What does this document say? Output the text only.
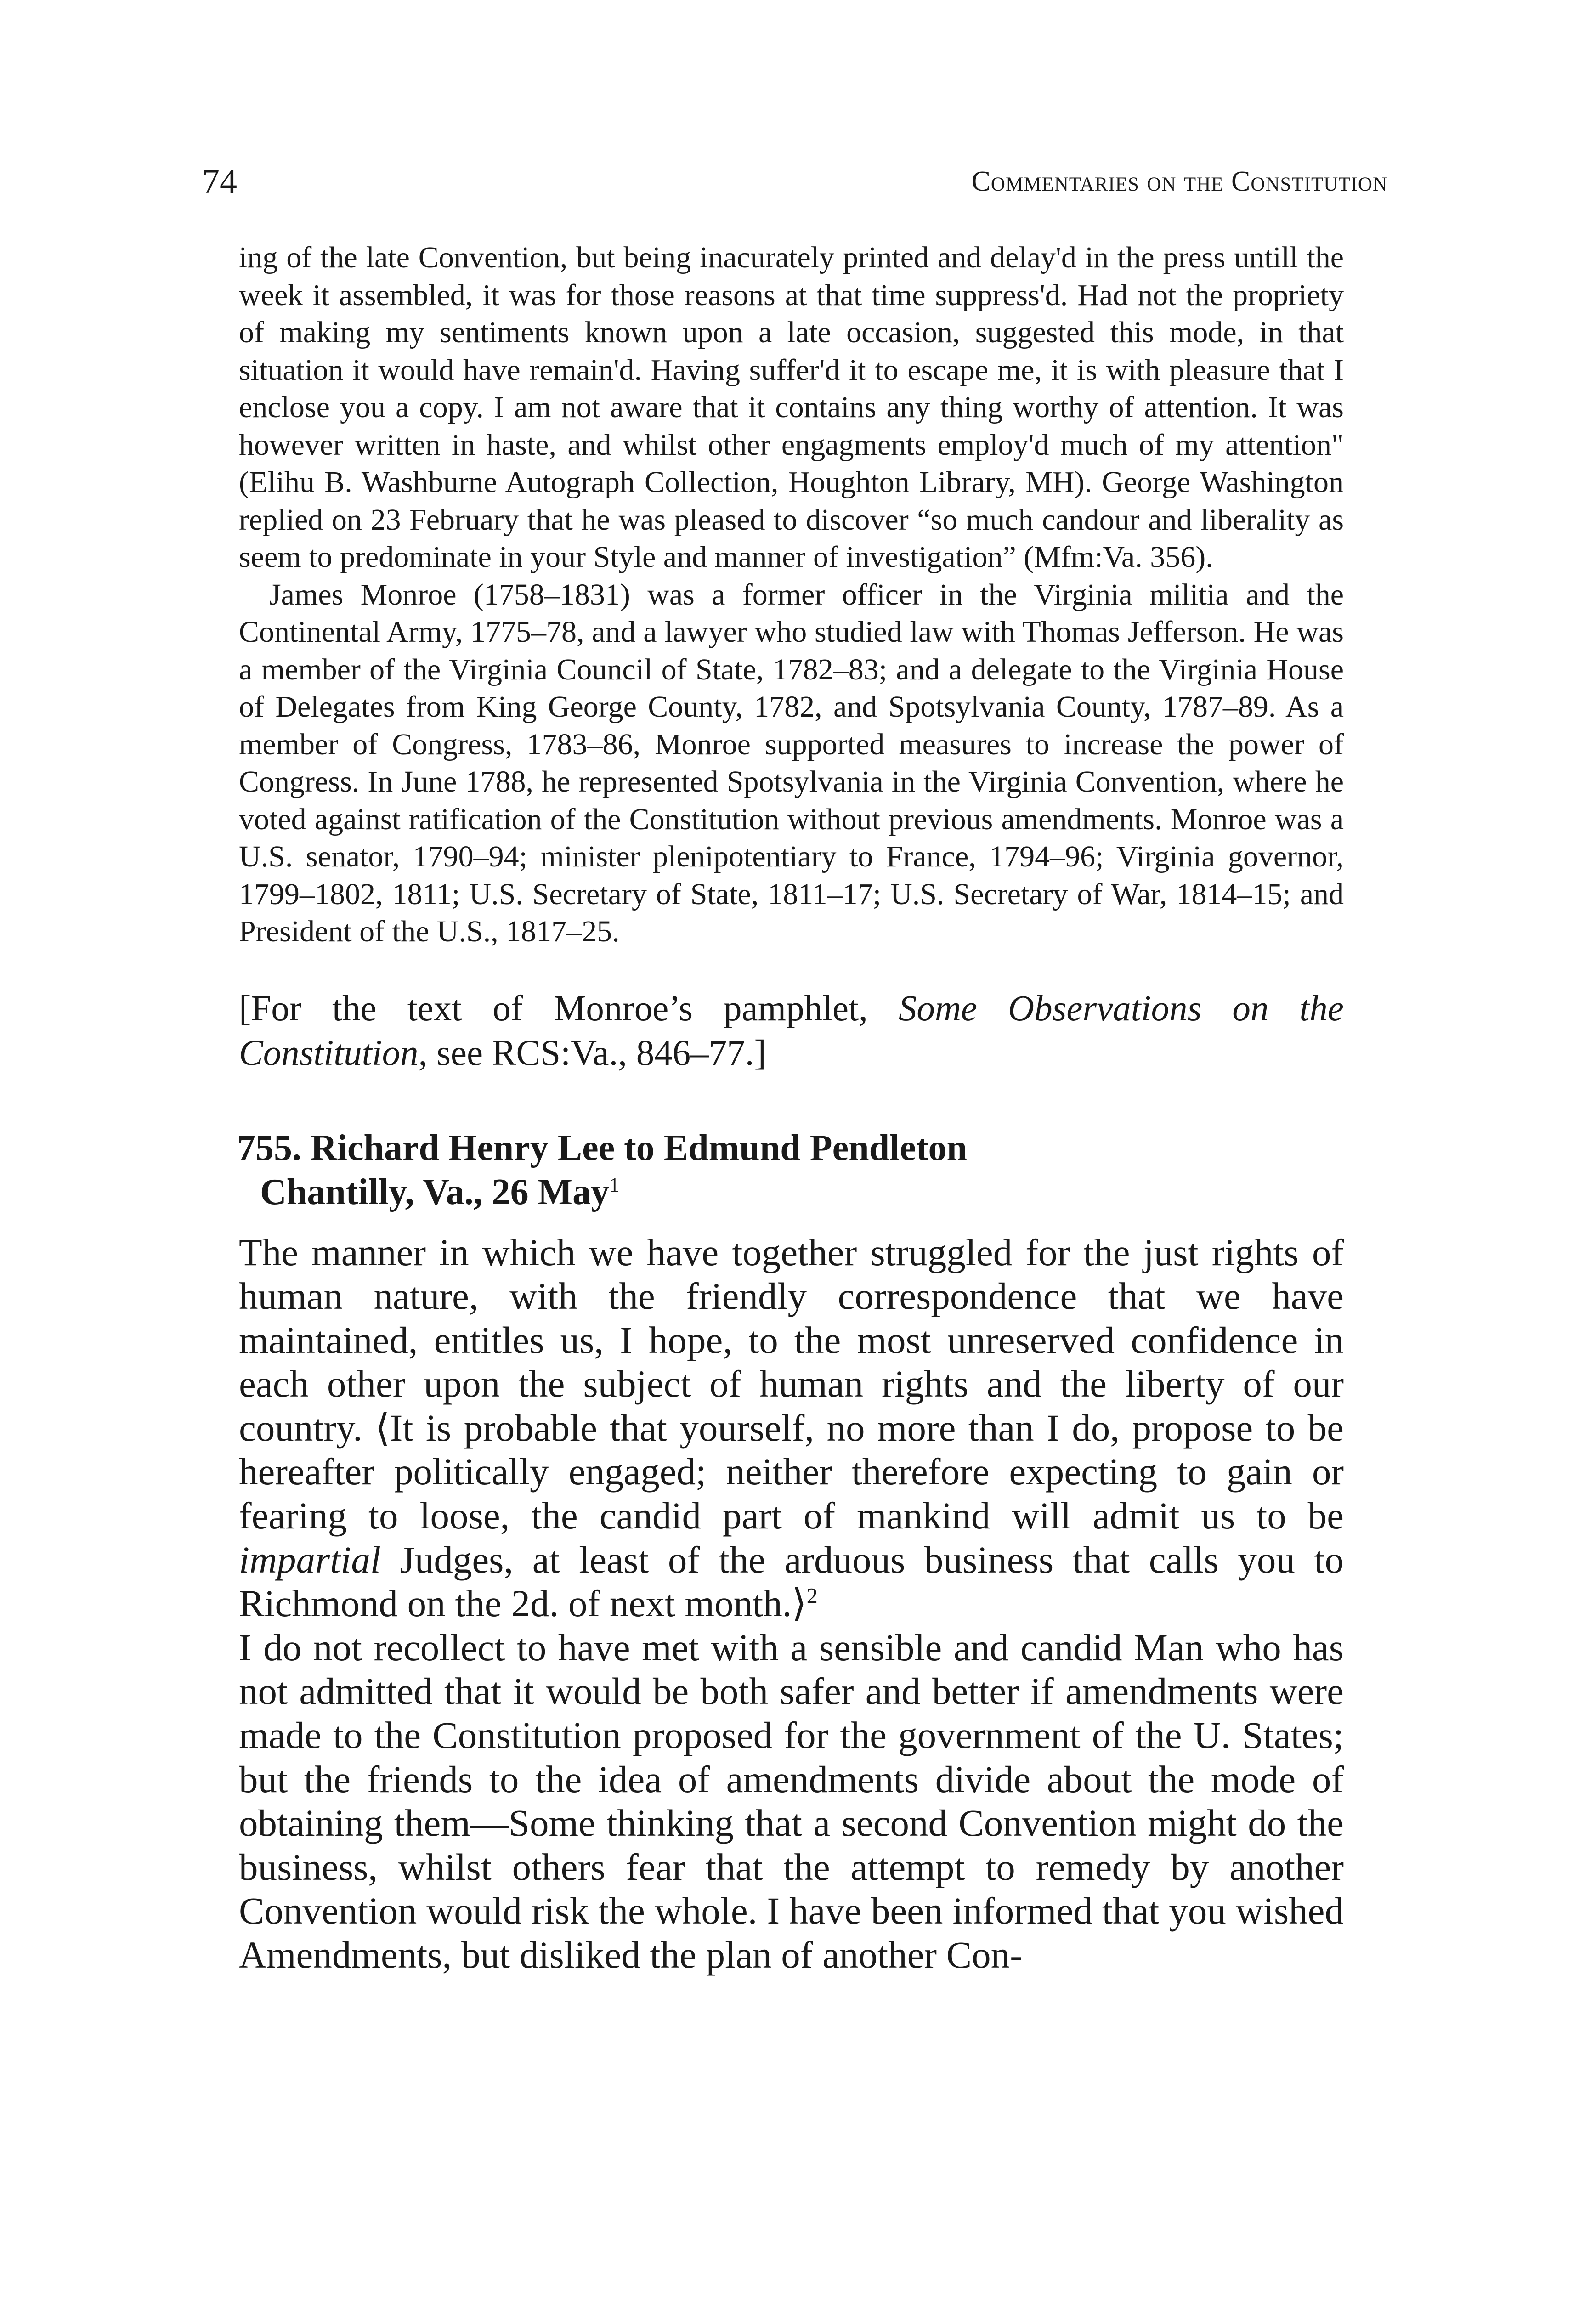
74	Commentaries on the Constitution

ing of the late Convention, but being inacurately printed and delay'd in the press untill the week it assembled, it was for those reasons at that time suppress'd. Had not the propriety of making my sentiments known upon a late occasion, suggested this mode, in that situation it would have remain'd. Having suffer'd it to escape me, it is with pleasure that I enclose you a copy. I am not aware that it contains any thing worthy of attention. It was however written in haste, and whilst other engagments employ'd much of my attention" (Elihu B. Washburne Autograph Collection, Houghton Library, MH). George Washington replied on 23 February that he was pleased to discover “so much candour and liberality as seem to predominate in your Style and manner of investigation” (Mfm:Va. 356).

James Monroe (1758–1831) was a former officer in the Virginia militia and the Continental Army, 1775–78, and a lawyer who studied law with Thomas Jefferson. He was a member of the Virginia Council of State, 1782–83; and a delegate to the Virginia House of Delegates from King George County, 1782, and Spotsylvania County, 1787–89. As a member of Congress, 1783–86, Monroe supported measures to increase the power of Congress. In June 1788, he represented Spotsylvania in the Virginia Convention, where he voted against ratification of the Constitution without previous amendments. Monroe was a U.S. senator, 1790–94; minister plenipotentiary to France, 1794–96; Virginia governor, 1799–1802, 1811; U.S. Secretary of State, 1811–17; U.S. Secretary of War, 1814–15; and President of the U.S., 1817–25.

[For the text of Monroe’s pamphlet, Some Observations on the Constitution, see RCS:Va., 846–77.]

755. Richard Henry Lee to Edmund Pendleton
Chantilly, Va., 26 May$^1$

The manner in which we have together struggled for the just rights of human nature, with the friendly correspondence that we have maintained, entitles us, I hope, to the most unreserved confidence in each other upon the subject of human rights and the liberty of our country. ⟨It is probable that yourself, no more than I do, propose to be hereafter politically engaged; neither therefore expecting to gain or fearing to loose, the candid part of mankind will admit us to be impartial Judges, at least of the arduous business that calls you to Richmond on the 2d. of next month.⟩$^2$

I do not recollect to have met with a sensible and candid Man who has not admitted that it would be both safer and better if amendments were made to the Constitution proposed for the government of the U. States; but the friends to the idea of amendments divide about the mode of obtaining them—Some thinking that a second Convention might do the business, whilst others fear that the attempt to remedy by another Convention would risk the whole. I have been informed that you wished Amendments, but disliked the plan of another Con-
